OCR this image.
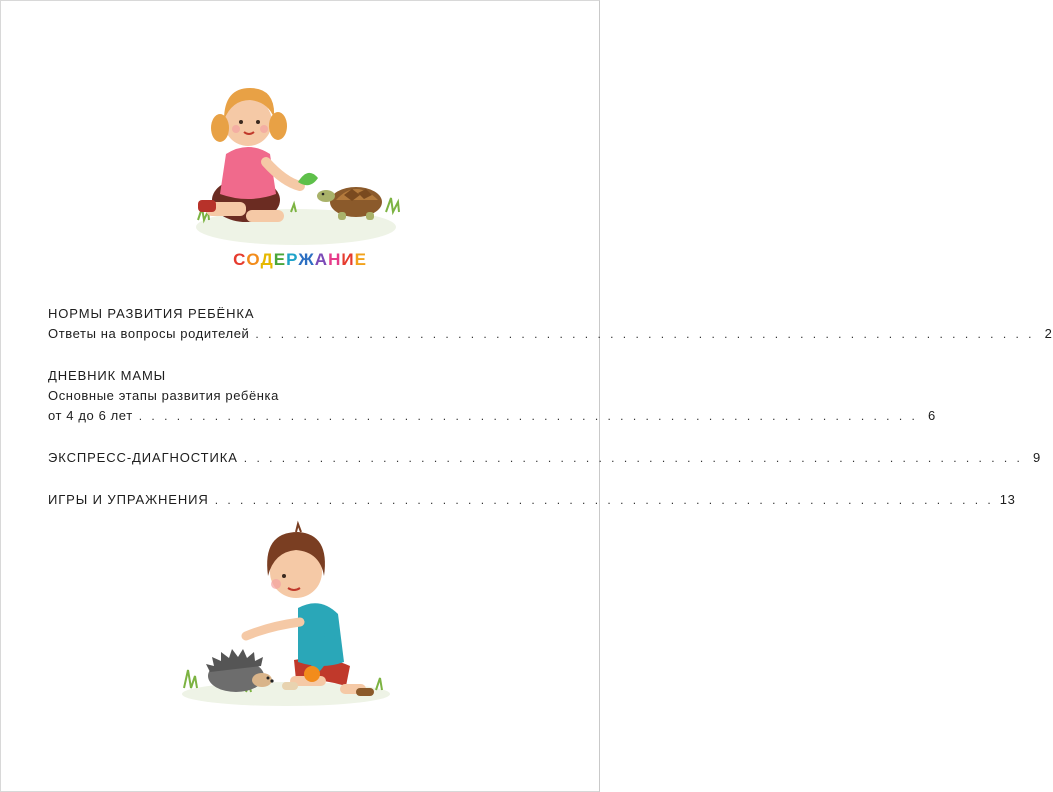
СОДЕРЖАНИЕ
НОРМЫ РАЗВИТИЯ РЕБЁНКА
Ответы на вопросы родителей . . . . . . . . . . . . . . . . . . . . . . . . . . . . . . . . . . . . . . . . . . . . . . . . . . . . . . . . . . . . . . 2
ДНЕВНИК МАМЫ
Основные этапы развития ребёнка
от 4 до 6 лет . . . . . . . . . . . . . . . . . . . . . . . . . . . . . . . . . . . . . . . . . . . . . . . . . . . . . . . . . . . . . . 6
ЭКСПРЕСС-ДИАГНОСТИКА . . . . . . . . . . . . . . . . . . . . . . . . . . . . . . . . . . . . . . . . . . . . . . . . . . . . . . . . . . . . . . 9
ИГРЫ И УПРАЖНЕНИЯ . . . . . . . . . . . . . . . . . . . . . . . . . . . . . . . . . . . . . . . . . . . . . . . . . . . . . . . . . . . . . . 13
